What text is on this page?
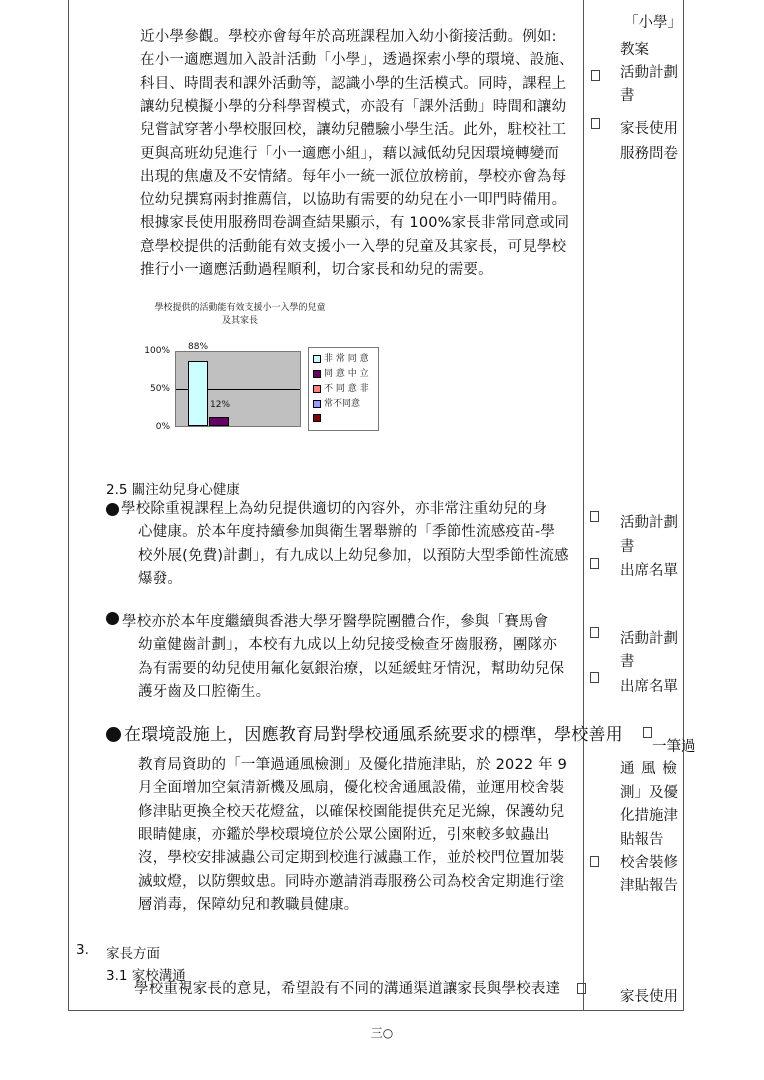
近小學參觀。學校亦會每年於高班課程加入幼小銜接活動。例如:
在小一適應週加入設計活動「小學」，透過探索小學的環境、設施、
科目、時間表和課外活動等，認識小學的生活模式。同時，課程上
讓幼兒模擬小學的分科學習模式，亦設有「課外活動」時間和讓幼
兒嘗試穿著小學校服回校，讓幼兒體驗小學生活。此外，駐校社工
更與高班幼兒進行「小一適應小組」，藉以減低幼兒因環境轉變而
出現的焦慮及不安情緒。每年小一統一派位放榜前，學校亦會為每
位幼兒撰寫兩封推薦信，以協助有需要的幼兒在小一叩門時備用。
根據家長使用服務問卷調查結果顯示，有 100%家長非常同意或同
意學校提供的活動能有效支援小一入學的兒童及其家長，可見學校
推行小一適應活動過程順利，切合家長和幼兒的需要。
「小學」
教案
活動計劃
書
家長使用
服務問卷
學校提供的活動能有效支援小一入學的兒童
及其家長
100%
50%
0%
88%
12%
非 常 同 意
同 意 中 立
不 同 意 非
常不同意
2.5 關注幼兒身心健康
學校除重視課程上為幼兒提供適切的內容外，亦非常注重幼兒的身
心健康。於本年度持續參加與衛生署舉辦的「季節性流感疫苗-學
校外展(免費)計劃」，有九成以上幼兒參加，以預防大型季節性流感
爆發。
活動計劃
書
出席名單
學校亦於本年度繼續與香港大學牙醫學院團體合作，參與「賽馬會
幼童健齒計劃」，本校有九成以上幼兒接受檢查牙齒服務，團隊亦
為有需要的幼兒使用氟化氨銀治療，以延緩蛀牙情況，幫助幼兒保
護牙齒及口腔衛生。
活動計劃
書
出席名單
在環境設施上，因應教育局對學校通風系統要求的標準，學校善用
教育局資助的「一筆過通風檢測」及優化措施津貼，於 2022 年 9
月全面增加空氣清新機及風扇，優化校舍通風設備，並運用校舍裝
修津貼更換全校天花燈盆，以確保校園能提供充足光線，保護幼兒
眼睛健康，亦鑑於學校環境位於公眾公園附近，引來較多蚊蟲出
沒，學校安排滅蟲公司定期到校進行滅蟲工作，並於校門位置加裝
滅蚊燈，以防禦蚊患。同時亦邀請消毒服務公司為校舍定期進行塗
層消毒，保障幼兒和教職員健康。
一筆過
通 風 檢
測」及優
化措施津
貼報告
校舍裝修
津貼報告
3. 家長方面
3.1 家校溝通
學校重視家長的意見，希望設有不同的溝通渠道讓家長與學校表達	家長使用
三○
